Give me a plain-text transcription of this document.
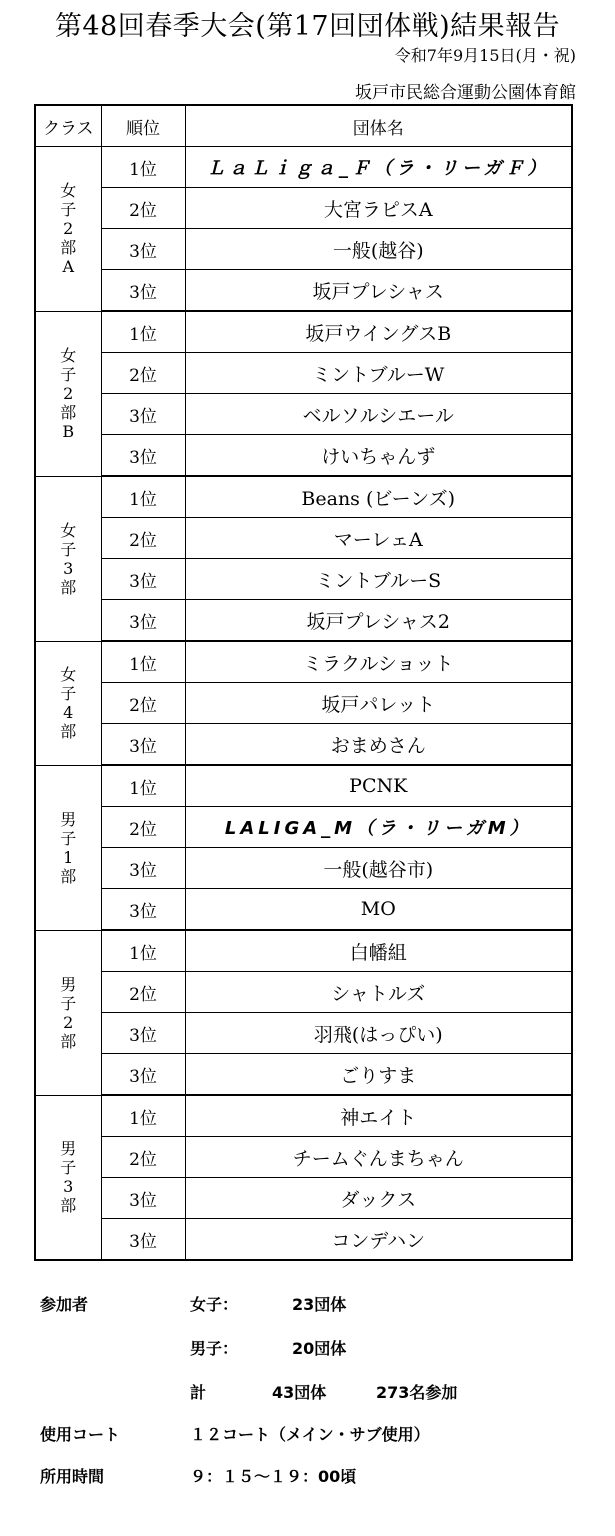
第48回春季大会(第17回団体戦)結果報告
令和7年9月15日(月・祝)
坂戸市民総合運動公園体育館
クラス	順位	団体名

女
子
2
部
A	1位	ＬａＬｉｇａ_Ｆ（ラ・リーガＦ）
	2位	大宮ラピスA
	3位	一般(越谷)
	3位	坂戸プレシャス

女
子
2
部
B	1位	坂戸ウイングスB
	2位	ミントブルーW
	3位	ベルソルシエール
	3位	けいちゃんず

女
子
3
部	1位	Beans (ビーンズ)
	2位	マーレェA
	3位	ミントブルーS
	3位	坂戸プレシャス2

女
子
4
部	1位	ミラクルショット
	2位	坂戸パレット
	3位	おまめさん

男
子
1
部	1位	PCNK
	2位	LALIGA_M（ラ・リーガM）
	3位	一般(越谷市)
	3位	MO

男
子
2
部	1位	白幡組
	2位	シャトルズ
	3位	羽飛(はっぴい)
	3位	ごりすま

男
子
3
部	1位	神エイト
	2位	チームぐんまちゃん
	3位	ダックス
	3位	コンデハン
参加者	女子：	23団体
男子：	20団体
計	43団体	273名参加
使用コート	１２コート（メイン・サブ使用）
所用時間	９：１５～１９：00頃
